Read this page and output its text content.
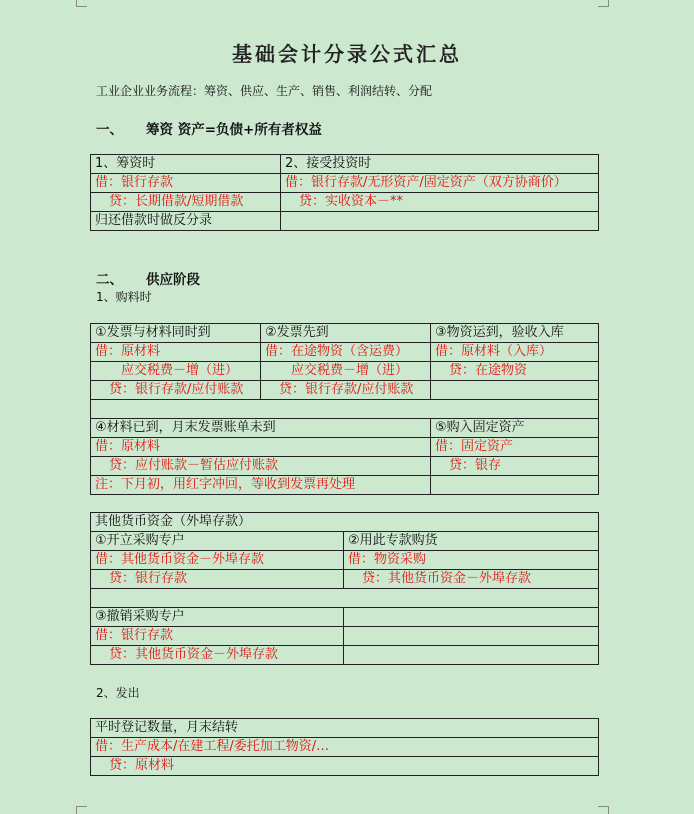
基础会计分录公式汇总
工业企业业务流程：筹资、供应、生产、销售、利润结转、分配
一、 筹资 资产=负债+所有者权益
1、筹资时	2、接受投资时
借：银行存款	借：银行存款/无形资产/固定资产（双方协商价）
贷：长期借款/短期借款	贷：实收资本－**
归还借款时做反分录	
二、 供应阶段
1、购料时
①发票与材料同时到	②发票先到	③物资运到，验收入库
借：原材料	借：在途物资（含运费）	借：原材料（入库）
应交税费－增（进）	应交税费－增（进）	贷：在途物资
贷：银行存款/应付账款	贷：银行存款/应付账款	

④材料已到，月末发票账单未到		⑤购入固定资产
借：原材料		借：固定资产
贷：应付账款－暂估应付账款		贷：银存
注：下月初，用红字冲回，等收到发票再处理		
其他货币资金（外埠存款）	
①开立采购专户	②用此专款购货
借：其他货币资金－外埠存款	借：物资采购
贷：银行存款	贷：其他货币资金－外埠存款

③撤销采购专户	
借：银行存款	
贷：其他货币资金－外埠存款	
2、发出
平时登记数量，月末结转
借：生产成本/在建工程/委托加工物资/…
贷：原材料
